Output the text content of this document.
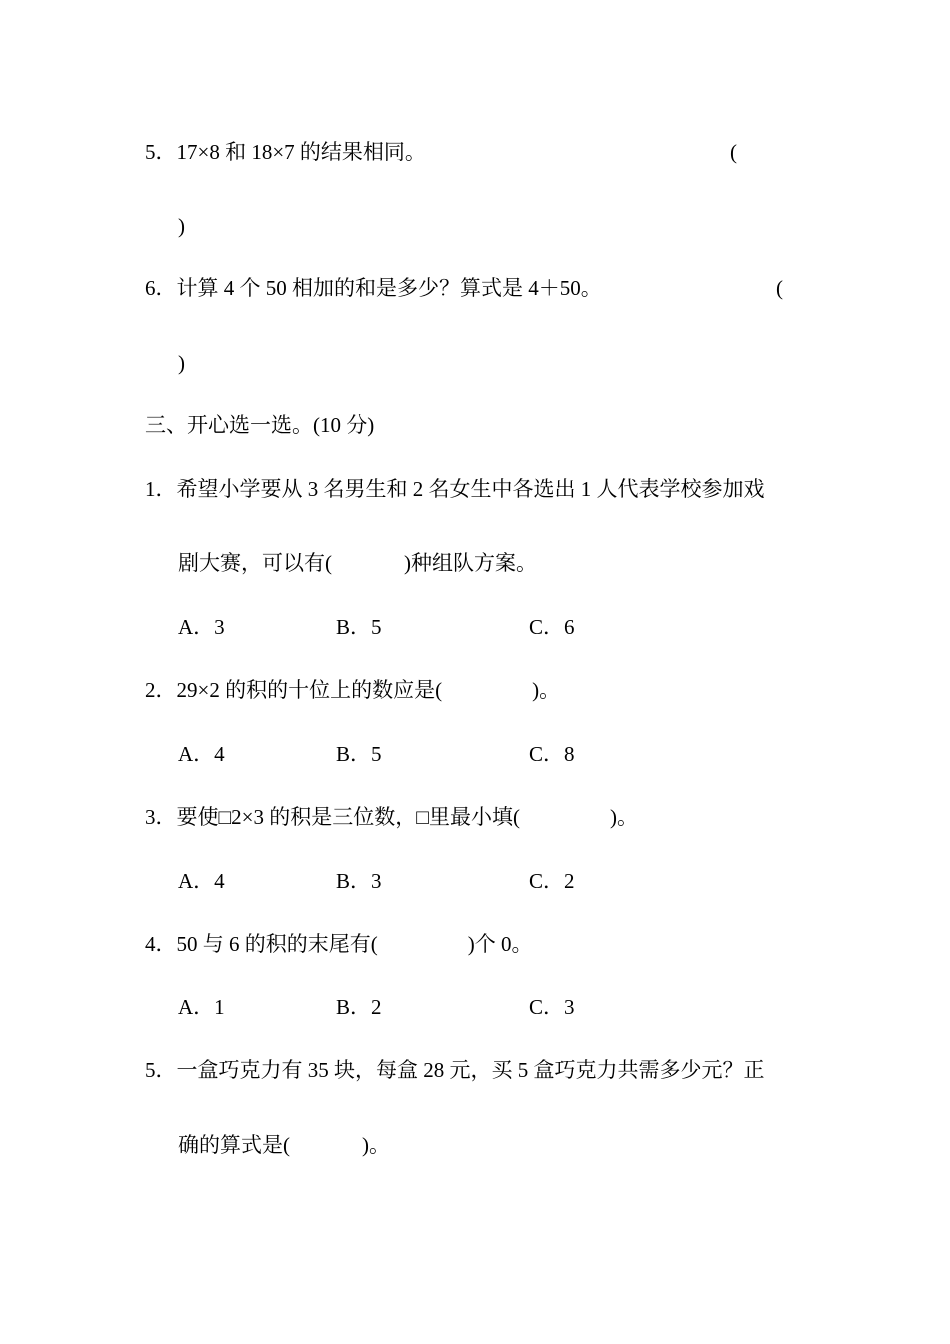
5．17×8 和 18×7 的结果相同。	(
)
6．计算 4 个 50 相加的和是多少？算式是 4＋50。	(
)
三、开心选一选。(10 分)
1．希望小学要从 3 名男生和 2 名女生中各选出 1 人代表学校参加戏
剧大赛，可以有(	)种组队方案。
A．3	B．5	C．6
2．29×2 的积的十位上的数应是(	)。
A．4	B．5	C．8
3．要使□2×3 的积是三位数，□里最小填(	)。
A．4	B．3	C．2
4．50 与 6 的积的末尾有(	)个 0。
A．1	B．2	C．3
5．一盒巧克力有 35 块，每盒 28 元，买 5 盒巧克力共需多少元？正
确的算式是(	)。
